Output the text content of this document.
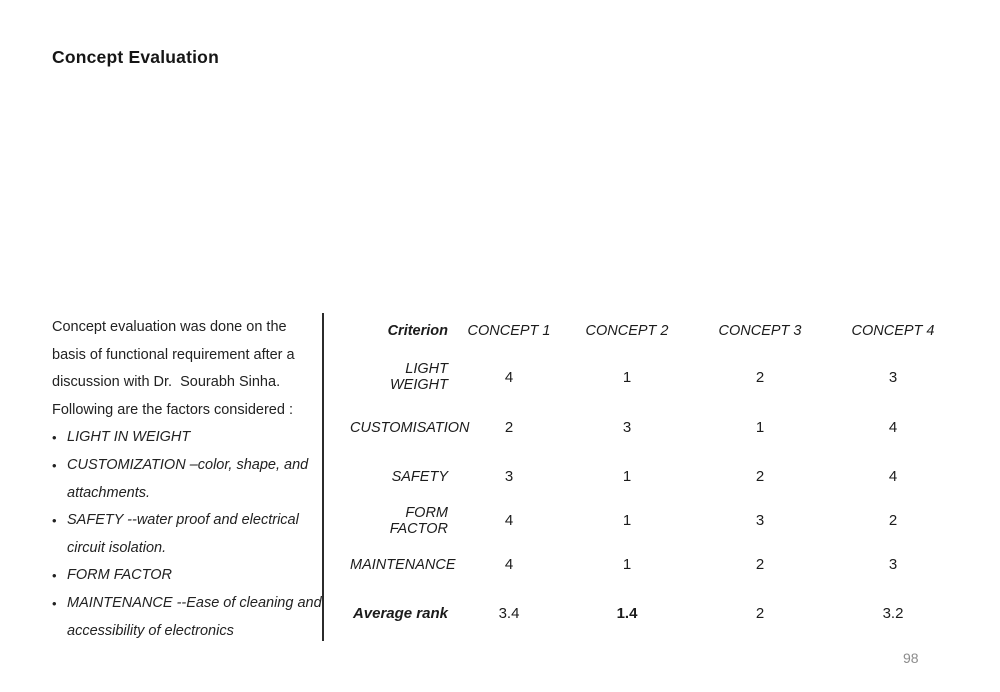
Concept Evaluation
Concept evaluation was done on the
basis of functional requirement after a
discussion with Dr.  Sourabh Sinha.
Following are the factors considered :
• LIGHT IN WEIGHT
• CUSTOMIZATION –color, shape, and
attachments.
• SAFETY --water proof and electrical
circuit isolation.
• FORM FACTOR
• MAINTENANCE --Ease of cleaning and
accessibility of electronics
Criterion	CONCEPT 1	CONCEPT 2	CONCEPT 3	CONCEPT 4
LIGHT WEIGHT	4	1	2	3
CUSTOMISATION	2	3	1	4
SAFETY	3	1	2	4
FORM FACTOR	4	1	3	2
MAINTENANCE	4	1	2	3
Average rank	3.4	1.4	2	3.2
98
